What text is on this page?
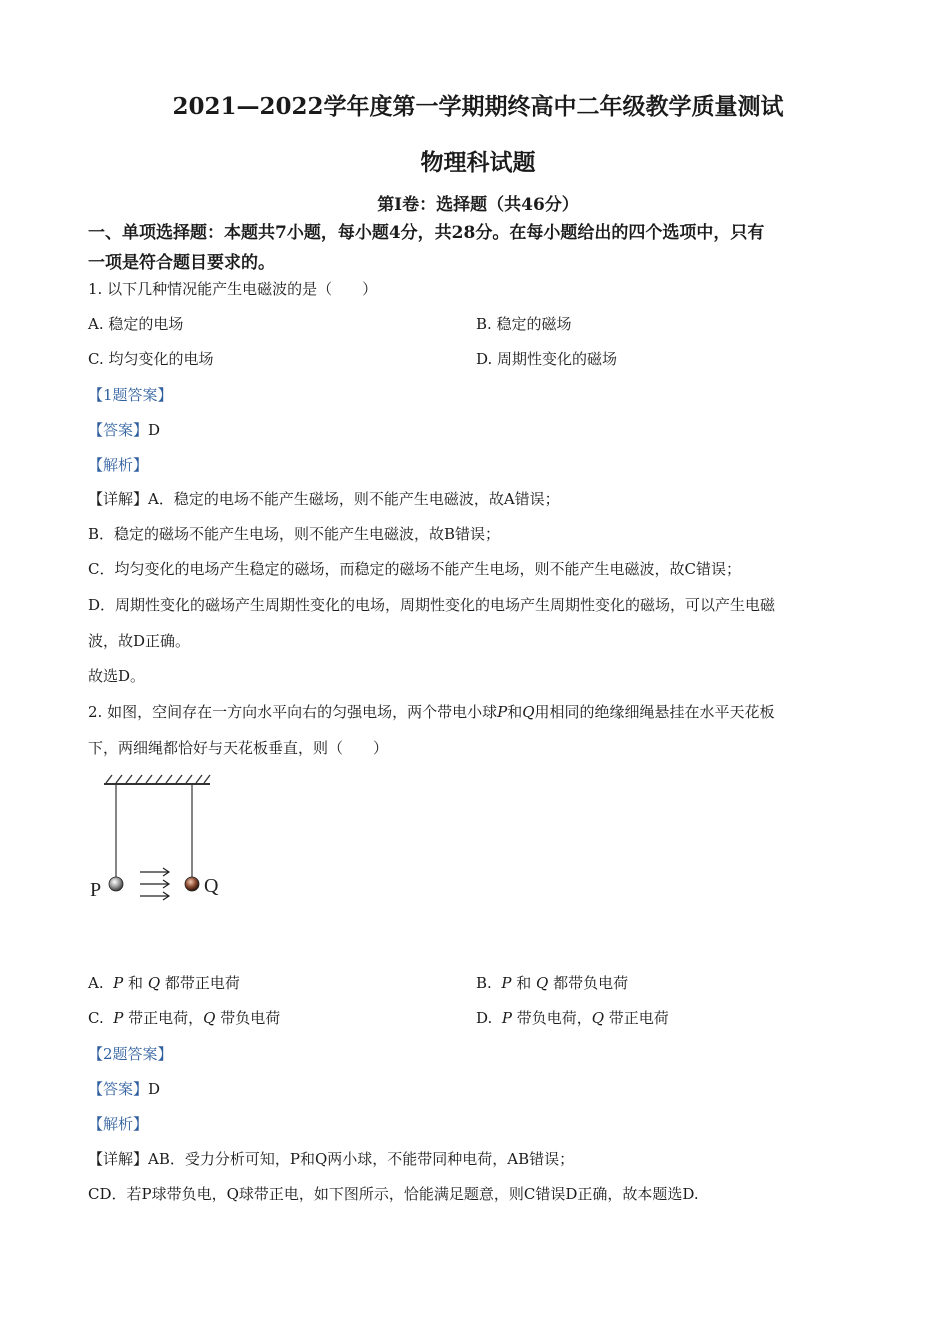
2021—2022学年度第一学期期终高中二年级教学质量测试
物理科试题
第I卷：选择题（共46分）
一、单项选择题：本题共7小题，每小题4分，共28分。在每小题给出的四个选项中，只有
一项是符合题目要求的。
1. 以下几种情况能产生电磁波的是（　　）
A. 稳定的电场	B. 稳定的磁场
C. 均匀变化的电场	D. 周期性变化的磁场
【1题答案】
【答案】D
【解析】
【详解】A．稳定的电场不能产生磁场，则不能产生电磁波，故A错误；
B．稳定的磁场不能产生电场，则不能产生电磁波，故B错误；
C．均匀变化的电场产生稳定的磁场，而稳定的磁场不能产生电场，则不能产生电磁波，故C错误；
D．周期性变化的磁场产生周期性变化的电场，周期性变化的电场产生周期性变化的磁场，可以产生电磁
波，故D正确。
故选D。
2. 如图，空间存在一方向水平向右的匀强电场，两个带电小球P和Q用相同的绝缘细绳悬挂在水平天花板
下，两细绳都恰好与天花板垂直，则（　　）
P	Q
A. P 和 Q 都带正电荷	B. P 和 Q 都带负电荷
C. P 带正电荷，Q 带负电荷	D. P 带负电荷，Q 带正电荷
【2题答案】
【答案】D
【解析】
【详解】AB．受力分析可知，P和Q两小球，不能带同种电荷，AB错误；
CD．若P球带负电，Q球带正电，如下图所示，恰能满足题意，则C错误D正确，故本题选D.
